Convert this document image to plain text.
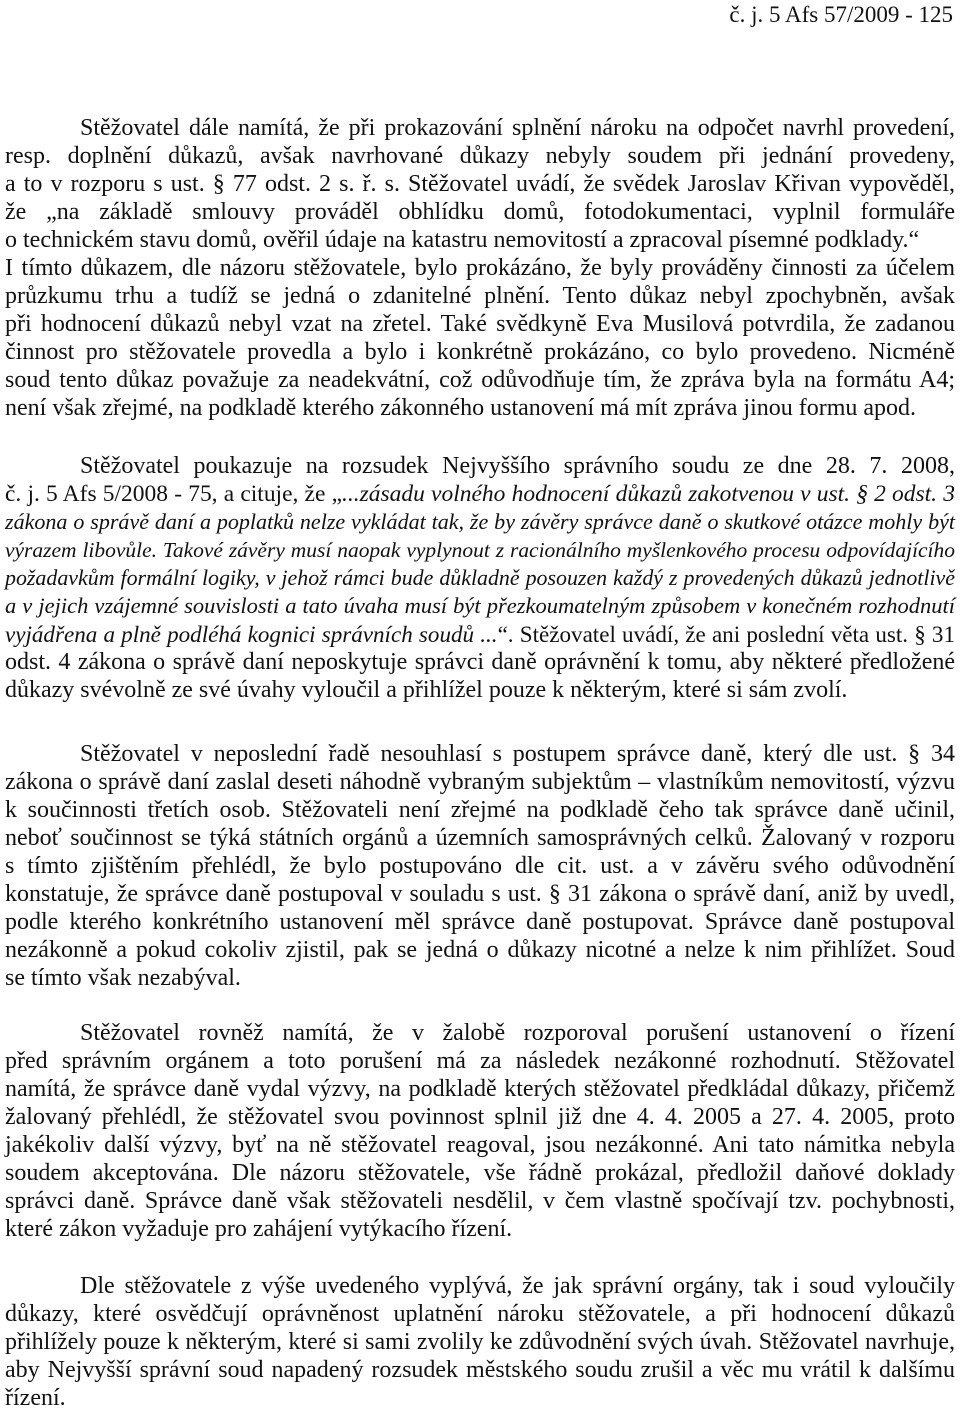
č. j. 5 Afs 57/2009 - 125
Stěžovatel dále namítá, že při prokazování splnění nároku na odpočet navrhl provedení,
resp. doplnění důkazů, avšak navrhované důkazy nebyly soudem při jednání provedeny,
a to v rozporu s ust. § 77 odst. 2 s. ř. s. Stěžovatel uvádí, že svědek Jaroslav Křivan vypověděl,
že „na základě smlouvy prováděl obhlídku domů, fotodokumentaci, vyplnil formuláře
o technickém stavu domů, ověřil údaje na katastru nemovitostí a zpracoval písemné podklady.“
I tímto důkazem, dle názoru stěžovatele, bylo prokázáno, že byly prováděny činnosti za účelem
průzkumu trhu a tudíž se jedná o zdanitelné plnění. Tento důkaz nebyl zpochybněn, avšak
při hodnocení důkazů nebyl vzat na zřetel. Také svědkyně Eva Musilová potvrdila, že zadanou
činnost pro stěžovatele provedla a bylo i konkrétně prokázáno, co bylo provedeno. Nicméně
soud tento důkaz považuje za neadekvátní, což odůvodňuje tím, že zpráva byla na formátu A4;
není však zřejmé, na podkladě kterého zákonného ustanovení má mít zpráva jinou formu apod.
Stěžovatel poukazuje na rozsudek Nejvyššího správního soudu ze dne 28. 7. 2008,
č. j. 5 Afs 5/2008 - 75, a cituje, že „...zásadu volného hodnocení důkazů zakotvenou v ust. § 2 odst. 3
zákona o správě daní a poplatků nelze vykládat tak, že by závěry správce daně o skutkové otázce mohly být
výrazem libovůle. Takové závěry musí naopak vyplynout z racionálního myšlenkového procesu odpovídajícího
požadavkům formální logiky, v jehož rámci bude důkladně posouzen každý z provedených důkazů jednotlivě
a v jejich vzájemné souvislosti a tato úvaha musí být přezkoumatelným způsobem v konečném rozhodnutí
vyjádřena a plně podléhá kognici správních soudů ...“. Stěžovatel uvádí, že ani poslední věta ust. § 31
odst. 4 zákona o správě daní neposkytuje správci daně oprávnění k tomu, aby některé předložené
důkazy svévolně ze své úvahy vyloučil a přihlížel pouze k některým, které si sám zvolí.
Stěžovatel v neposlední řadě nesouhlasí s postupem správce daně, který dle ust. § 34
zákona o správě daní zaslal deseti náhodně vybraným subjektům – vlastníkům nemovitostí, výzvu
k součinnosti třetích osob. Stěžovateli není zřejmé na podkladě čeho tak správce daně učinil,
neboť součinnost se týká státních orgánů a územních samosprávných celků. Žalovaný v rozporu
s tímto zjištěním přehlédl, že bylo postupováno dle cit. ust. a v závěru svého odůvodnění
konstatuje, že správce daně postupoval v souladu s ust. § 31 zákona o správě daní, aniž by uvedl,
podle kterého konkrétního ustanovení měl správce daně postupovat. Správce daně postupoval
nezákonně a pokud cokoliv zjistil, pak se jedná o důkazy nicotné a nelze k nim přihlížet. Soud
se tímto však nezabýval.
Stěžovatel rovněž namítá, že v žalobě rozporoval porušení ustanovení o řízení
před správním orgánem a toto porušení má za následek nezákonné rozhodnutí. Stěžovatel
namítá, že správce daně vydal výzvy, na podkladě kterých stěžovatel předkládal důkazy, přičemž
žalovaný přehlédl, že stěžovatel svou povinnost splnil již dne 4. 4. 2005 a 27. 4. 2005, proto
jakékoliv další výzvy, byť na ně stěžovatel reagoval, jsou nezákonné. Ani tato námitka nebyla
soudem akceptována. Dle názoru stěžovatele, vše řádně prokázal, předložil daňové doklady
správci daně. Správce daně však stěžovateli nesdělil, v čem vlastně spočívají tzv. pochybnosti,
které zákon vyžaduje pro zahájení vytýkacího řízení.
Dle stěžovatele z výše uvedeného vyplývá, že jak správní orgány, tak i soud vyloučily
důkazy, které osvědčují oprávněnost uplatnění nároku stěžovatele, a při hodnocení důkazů
přihlížely pouze k některým, které si sami zvolily ke zdůvodnění svých úvah. Stěžovatel navrhuje,
aby Nejvyšší správní soud napadený rozsudek městského soudu zrušil a věc mu vrátil k dalšímu
řízení.
